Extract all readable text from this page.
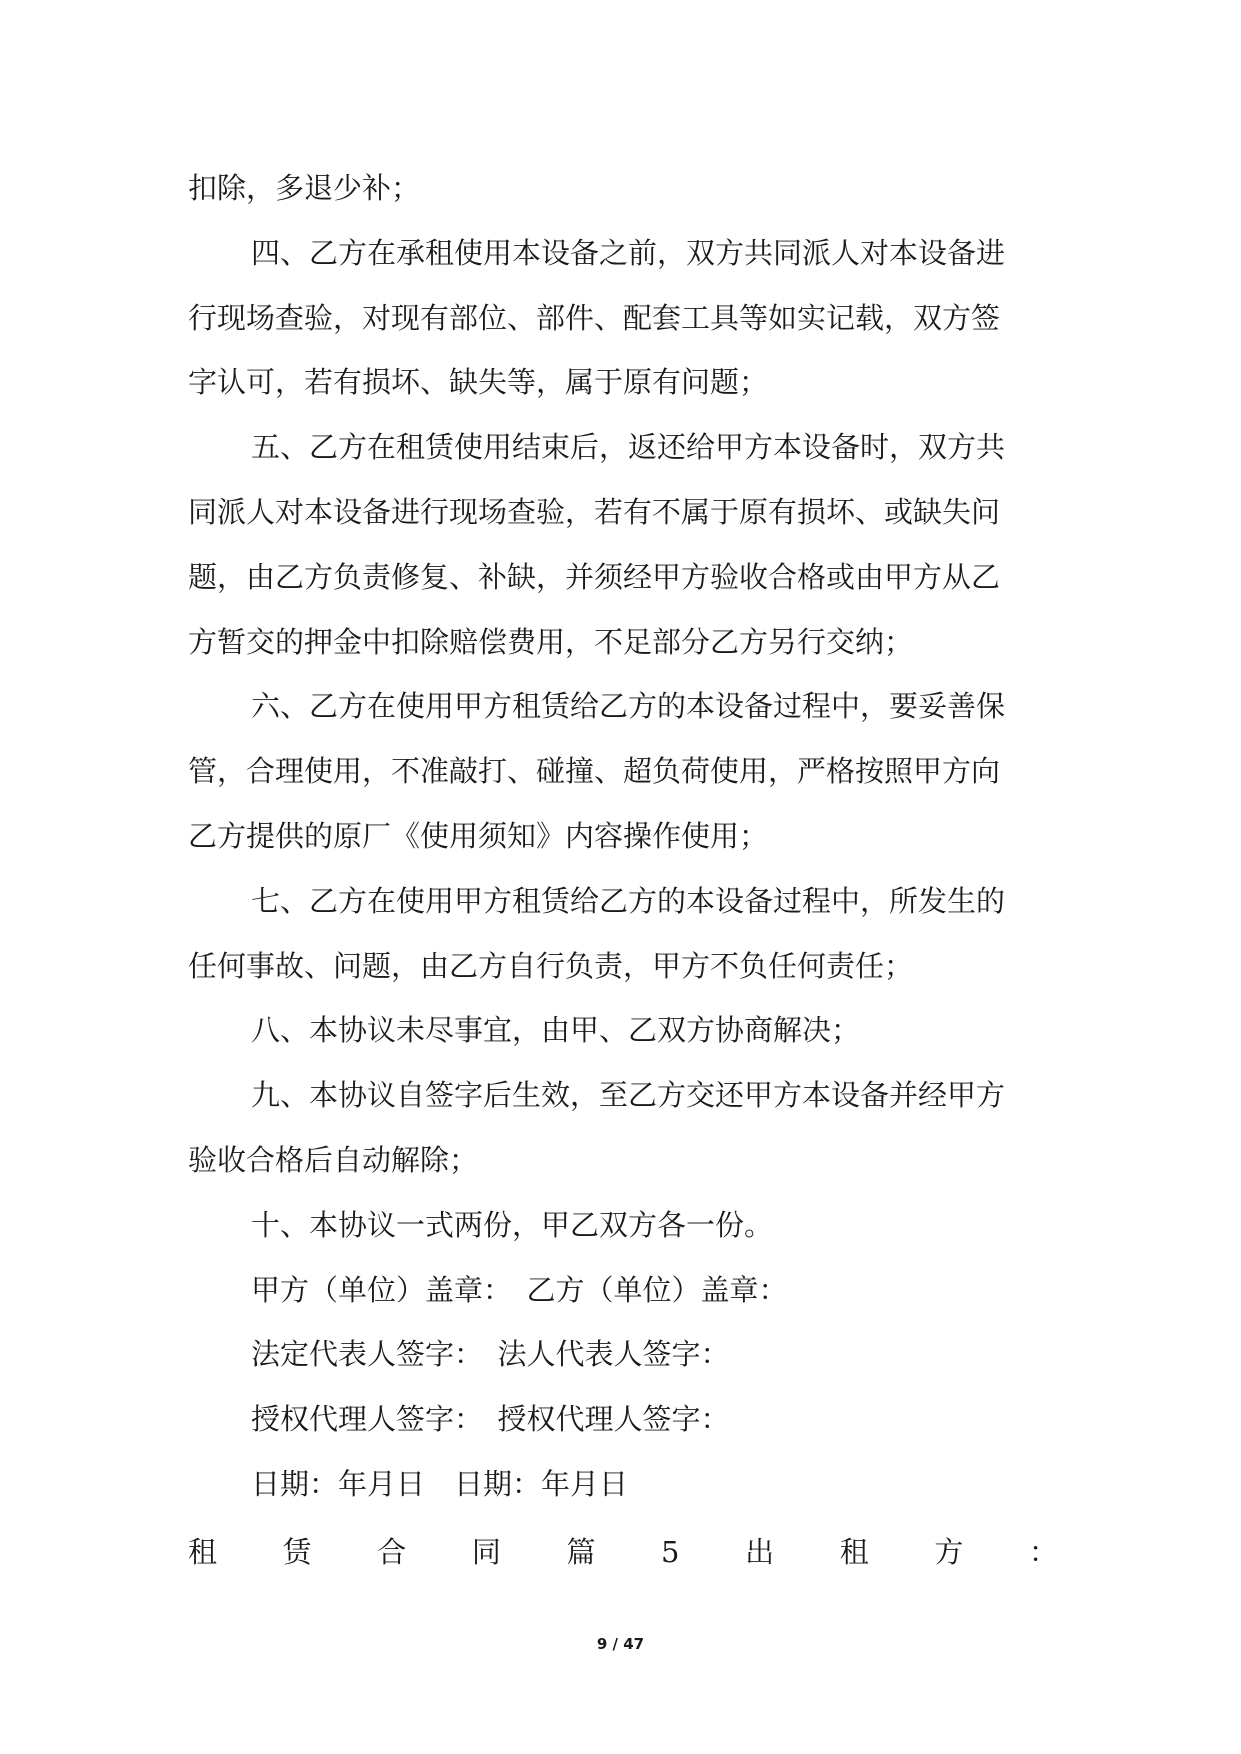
扣除，多退少补；
四、乙方在承租使用本设备之前，双方共同派人对本设备进
行现场查验，对现有部位、部件、配套工具等如实记载，双方签
字认可，若有损坏、缺失等，属于原有问题；
五、乙方在租赁使用结束后，返还给甲方本设备时，双方共
同派人对本设备进行现场查验，若有不属于原有损坏、或缺失问
题，由乙方负责修复、补缺，并须经甲方验收合格或由甲方从乙
方暂交的押金中扣除赔偿费用，不足部分乙方另行交纳；
六、乙方在使用甲方租赁给乙方的本设备过程中，要妥善保
管，合理使用，不准敲打、碰撞、超负荷使用，严格按照甲方向
乙方提供的原厂《使用须知》内容操作使用；
七、乙方在使用甲方租赁给乙方的本设备过程中，所发生的
任何事故、问题，由乙方自行负责，甲方不负任何责任；
八、本协议未尽事宜，由甲、乙双方协商解决；
九、本协议自签字后生效，至乙方交还甲方本设备并经甲方
验收合格后自动解除；
十、本协议一式两份，甲乙双方各一份。
甲方（单位）盖章：　乙方（单位）盖章：
法定代表人签字：　法人代表人签字：
授权代理人签字：　授权代理人签字：
日期：年月日　日期：年月日
租 赁 合 同 篇 5 出 租 方 ：
9 / 47
